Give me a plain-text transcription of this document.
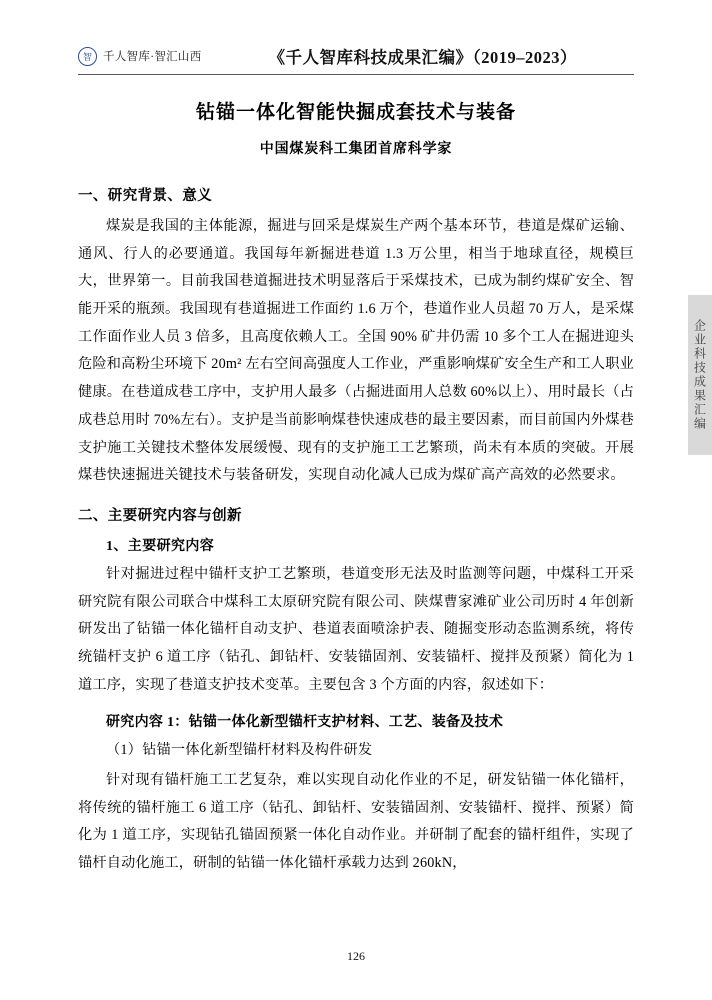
智 千人智库·智汇山西	《千人智库科技成果汇编》（2019–2023）
钻锚一体化智能快掘成套技术与装备
中国煤炭科工集团首席科学家
一、研究背景、意义

煤炭是我国的主体能源，掘进与回采是煤炭生产两个基本环节，巷道是煤矿运输、通风、行人的必要通道。我国每年新掘进巷道 1.3 万公里，相当于地球直径，规模巨大，世界第一。目前我国巷道掘进技术明显落后于采煤技术，已成为制约煤矿安全、智能开采的瓶颈。我国现有巷道掘进工作面约 1.6 万个，巷道作业人员超 70 万人，是采煤工作面作业人员 3 倍多，且高度依赖人工。全国 90% 矿井仍需 10 多个工人在掘进迎头危险和高粉尘环境下 20m² 左右空间高强度人工作业，严重影响煤矿安全生产和工人职业健康。在巷道成巷工序中，支护用人最多（占掘进面用人总数 60%以上）、用时最长（占成巷总用时 70%左右）。支护是当前影响煤巷快速成巷的最主要因素，而目前国内外煤巷支护施工关键技术整体发展缓慢、现有的支护施工工艺繁琐，尚未有本质的突破。开展煤巷快速掘进关键技术与装备研发，实现自动化减人已成为煤矿高产高效的必然要求。

二、主要研究内容与创新
1、主要研究内容

针对掘进过程中锚杆支护工艺繁琐，巷道变形无法及时监测等问题，中煤科工开采研究院有限公司联合中煤科工太原研究院有限公司、陕煤曹家滩矿业公司历时 4 年创新研发出了钻锚一体化锚杆自动支护、巷道表面喷涂护表、随掘变形动态监测系统，将传统锚杆支护 6 道工序（钻孔、卸钻杆、安装锚固剂、安装锚杆、搅拌及预紧）简化为 1 道工序，实现了巷道支护技术变革。主要包含 3 个方面的内容，叙述如下：

研究内容 1：钻锚一体化新型锚杆支护材料、工艺、装备及技术

（1）钻锚一体化新型锚杆材料及构件研发

针对现有锚杆施工工艺复杂，难以实现自动化作业的不足，研发钻锚一体化锚杆，将传统的锚杆施工 6 道工序（钻孔、卸钻杆、安装锚固剂、安装锚杆、搅拌、预紧）简化为 1 道工序，实现钻孔锚固预紧一体化自动作业。并研制了配套的锚杆组件，实现了锚杆自动化施工，研制的钻锚一体化锚杆承载力达到 260kN，

企业科技成果汇编
126
